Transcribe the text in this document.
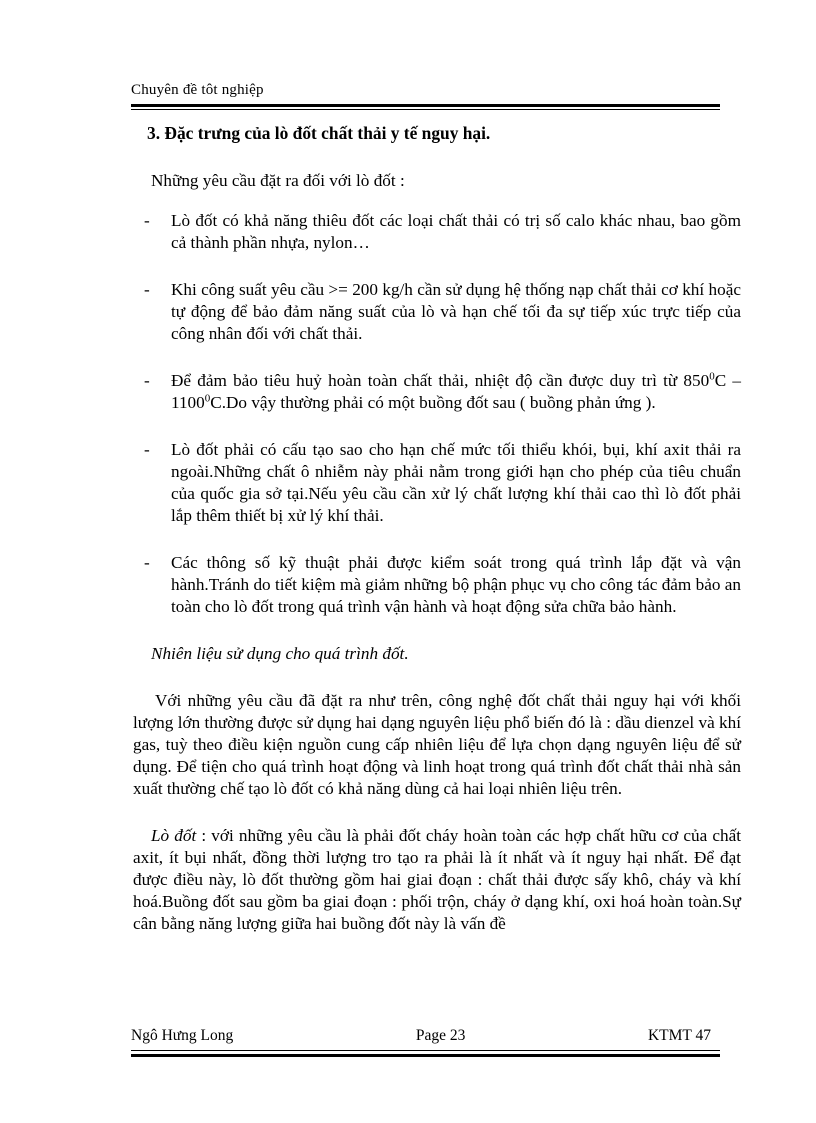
Chuyên đề tôt nghiệp
3. Đặc trưng của lò đốt chất thải y tế nguy hại.
Những yêu cầu đặt ra đối với lò đốt :
- Lò đốt có khả năng thiêu đốt các loại chất thải có trị số calo khác nhau, bao gồm cả thành phần nhựa, nylon…
- Khi công suất yêu cầu >= 200 kg/h cần sử dụng hệ thống nạp chất thải cơ khí hoặc tự động để bảo đảm năng suất của lò và hạn chế tối đa sự tiếp xúc trực tiếp của công nhân đối với chất thải.
- Để đảm bảo tiêu huỷ hoàn toàn chất thải, nhiệt độ cần được duy trì từ $850^0C - 1100^0C.Do$ vậy thường phải có một buồng đốt sau ( buồng phản ứng ).
- Lò đốt phải có cấu tạo sao cho hạn chế mức tối thiểu khói, bụi, khí axit thải ra ngoài.Những chất ô nhiễm này phải nằm trong giới hạn cho phép của tiêu chuẩn của quốc gia sở tại.Nếu yêu cầu cần xử lý chất lượng khí thải cao thì lò đốt phải lắp thêm thiết bị xử lý khí thải.
- Các thông số kỹ thuật phải được kiểm soát trong quá trình lắp đặt và vận hành.Tránh do tiết kiệm mà giảm những bộ phận phục vụ cho công tác đảm bảo an toàn cho lò đốt trong quá trình vận hành và hoạt động sửa chữa bảo hành.
Nhiên liệu sử dụng cho quá trình đốt.
Với những yêu cầu đã đặt ra như trên, công nghệ đốt chất thải nguy hại với khối lượng lớn thường được sử dụng hai dạng nguyên liệu phổ biến đó là : dầu dienzel và khí gas, tuỳ theo điều kiện nguồn cung cấp nhiên liệu để lựa chọn dạng nguyên liệu để sử dụng. Để tiện cho quá trình hoạt động và linh hoạt trong quá trình đốt chất thải nhà sản xuất thường chế tạo lò đốt có khả năng dùng cả hai loại nhiên liệu trên.
Lò đốt : với những yêu cầu là phải đốt cháy hoàn toàn các hợp chất hữu cơ của chất axit, ít bụi nhất, đồng thời lượng tro tạo ra phải là ít nhất và ít nguy hại nhất. Để đạt được điều này, lò đốt thường gồm hai giai đoạn : chất thải được sấy khô, cháy và khí hoá.Buồng đốt sau gồm ba giai đoạn : phối trộn, cháy ở dạng khí, oxi hoá hoàn toàn.Sự cân bằng năng lượng giữa hai buồng đốt này là vấn đề
Ngô Hưng Long	Page 23	KTMT 47
